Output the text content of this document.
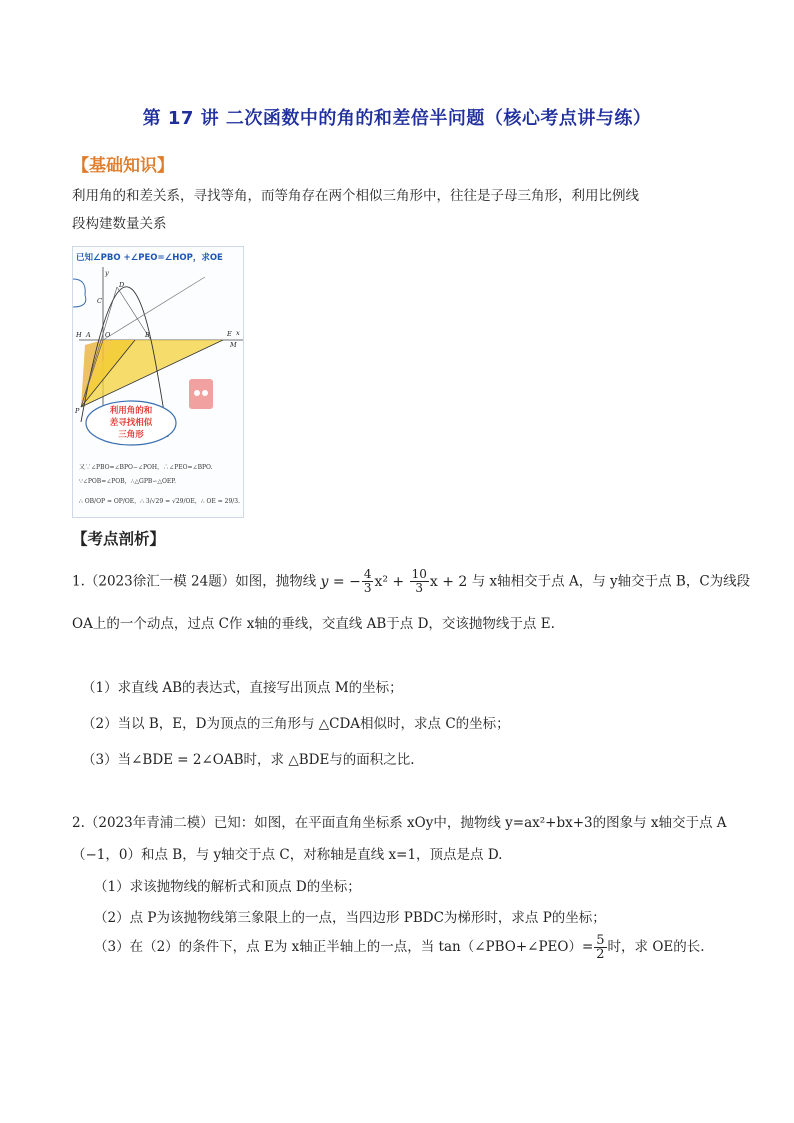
第 17 讲 二次函数中的角的和差倍半问题（核心考点讲与练）
【基础知识】
利用角的和差关系，寻找等角，而等角存在两个相似三角形中，往往是子母三角形，利用比例线
段构建数量关系
H A O
C
D
B	E x
M
P
y
已知∠PBO +∠PEO=∠HOP，求OE
利用角的和
差寻找相似
三角形
又∵∠PBO=∠BPO−∠POH，∴∠PEO=∠BPO.
∵∠POB=∠POB，∴△GPB∽△OEP.
∴ OB/OP = OP/OE，∴ 3/√29 = √29/OE，∴ OE = 29/3.
【考点剖析】
1.（2023徐汇一模 24题）如图，抛物线 y = − $\frac{4}{3} x^2 + \frac{10}{3}$ x + 2 与 x轴相交于点 A，与 y轴交于点 B，C为线段
OA上的一个动点，过点 C作 x轴的垂线，交直线 AB于点 D，交该抛物线于点 E.
（1）求直线 AB的表达式，直接写出顶点 M的坐标；
（2）当以 B，E，D为顶点的三角形与 △CDA相似时，求点 C的坐标；
（3）当∠BDE = 2∠OAB时，求 △BDE与的面积之比.
2.（2023年青浦二模）已知：如图，在平面直角坐标系 xOy中，抛物线 y=ax²+bx+3的图象与 x轴交于点 A
（−1，0）和点 B，与 y轴交于点 C，对称轴是直线 x=1，顶点是点 D.
（1）求该抛物线的解析式和顶点 D的坐标；
（2）点 P为该抛物线第三象限上的一点，当四边形 PBDC为梯形时，求点 P的坐标；
（3）在（2）的条件下，点 E为 x轴正半轴上的一点，当 tan（∠PBO+∠PEO）= $\frac{5}{2}$ 时，求 OE的长.
